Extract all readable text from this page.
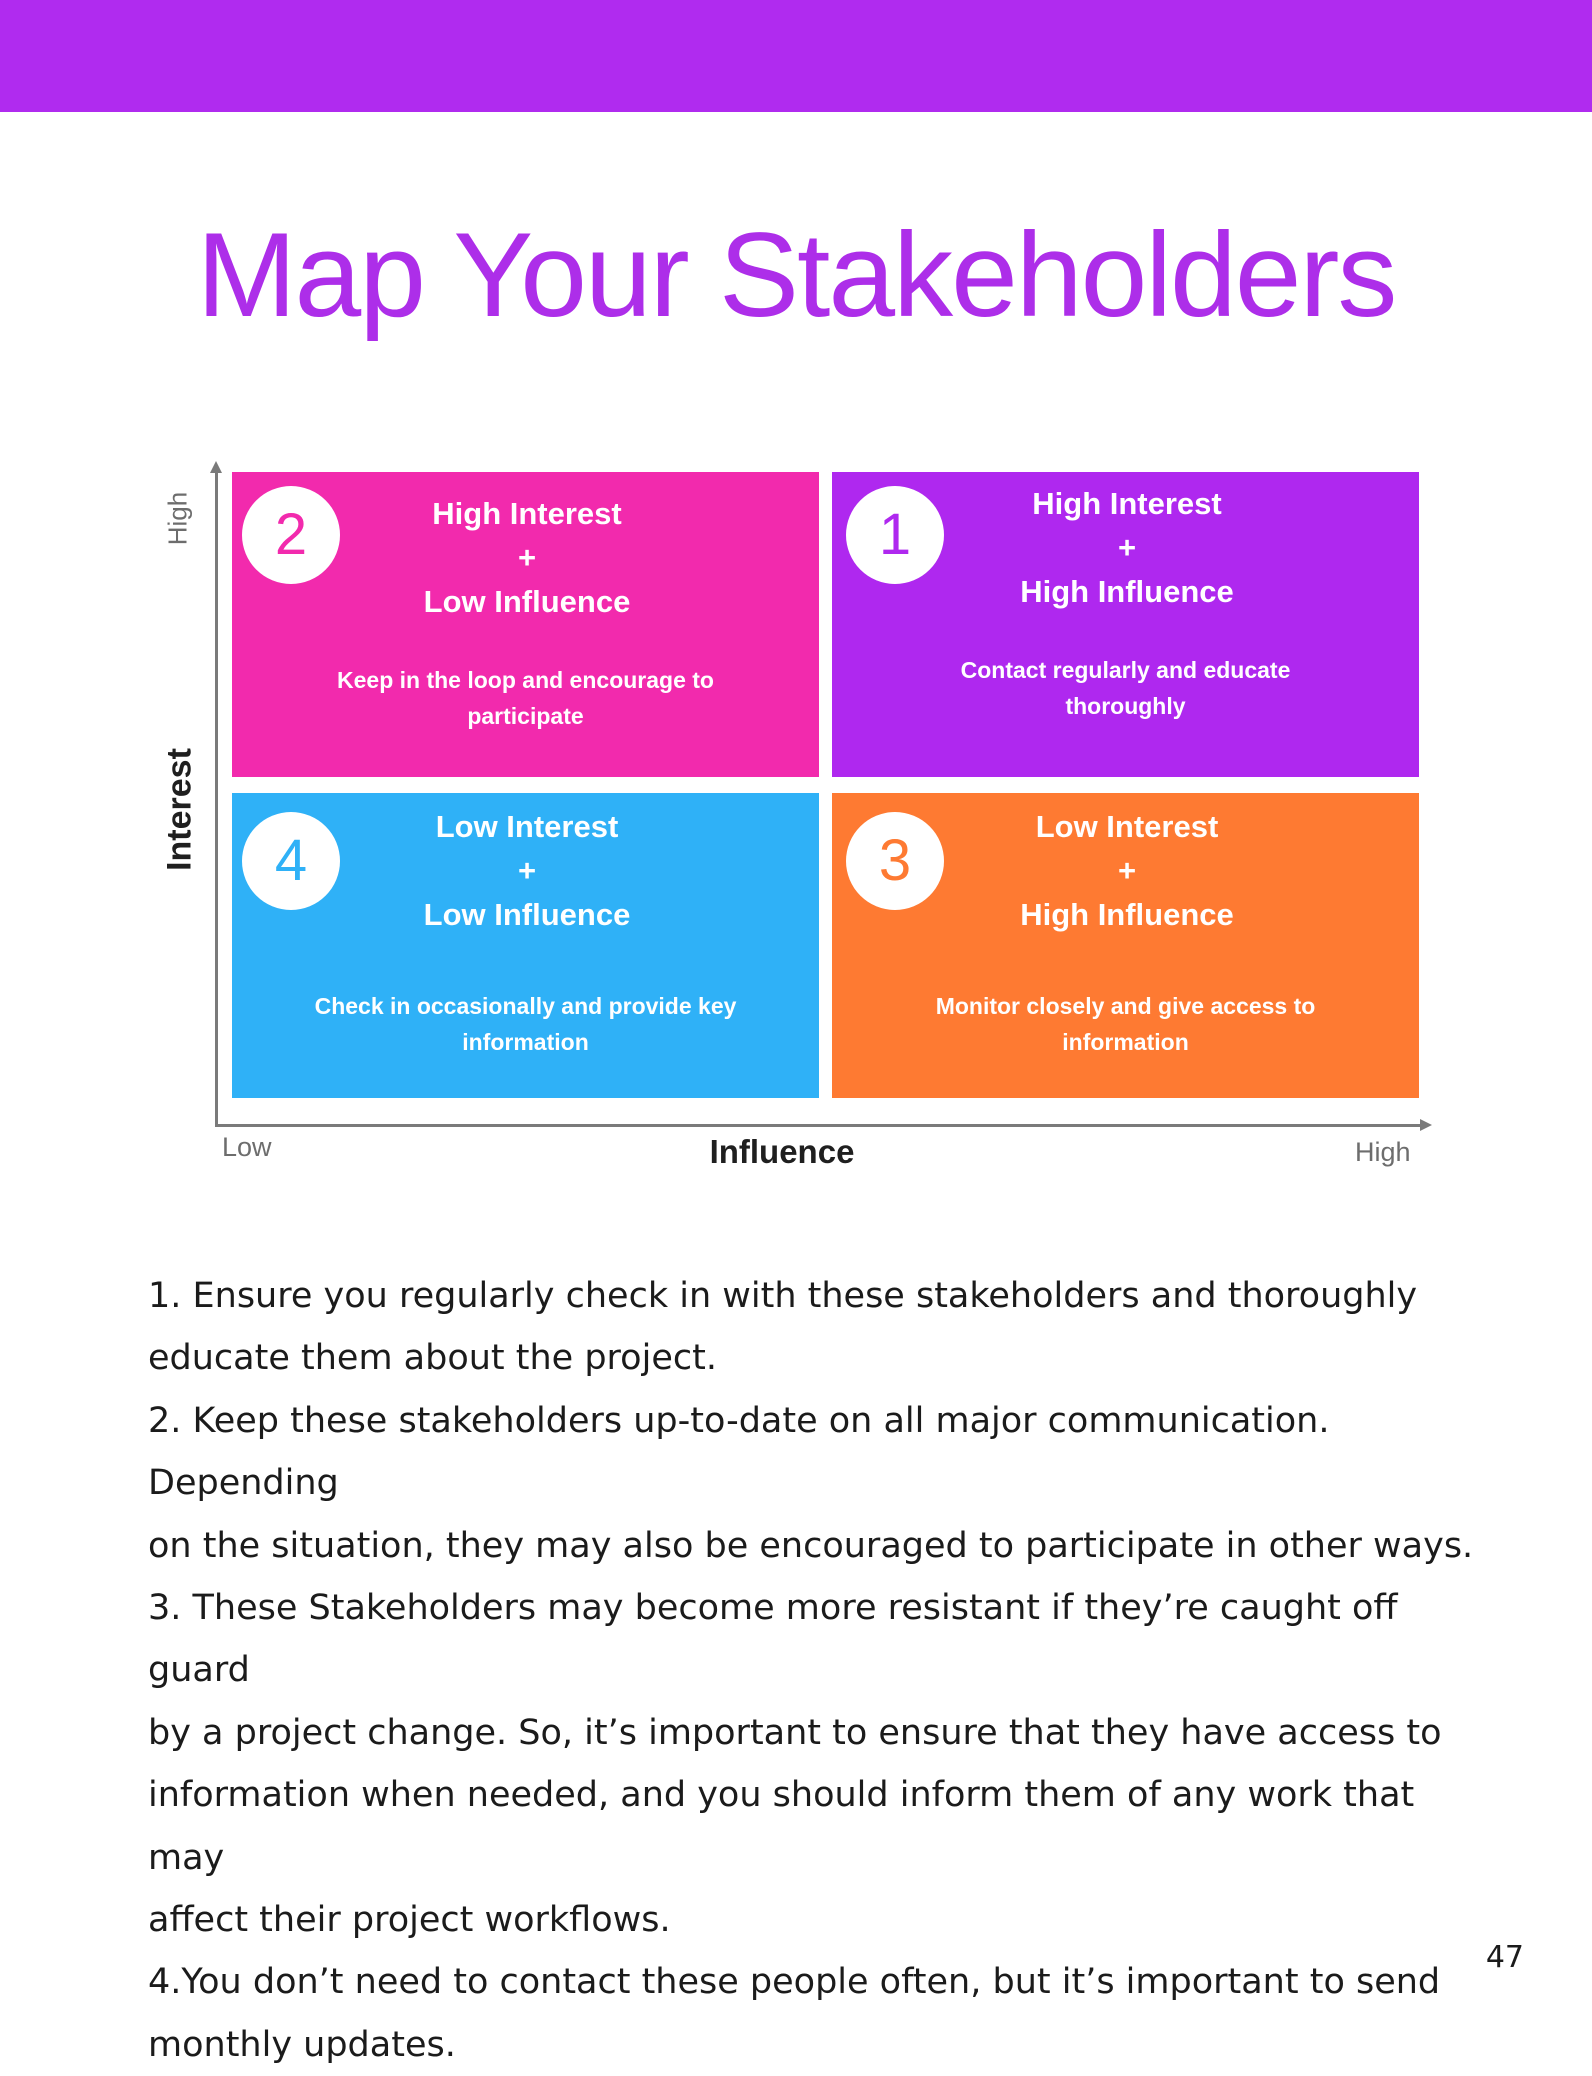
Map Your Stakeholders
High
Interest
Low	Influence	High
2	High Interest
+
Low Influence
Keep in the loop and encourage to
participate
1	High Interest
+
High Influence
Contact regularly and educate
thoroughly
4
Low Interest
+
Low Influence
Check in occasionally and provide key
information
3
Low Interest
+
High Influence
Monitor closely and give access to
information

1. Ensure you regularly check in with these stakeholders and thoroughly
educate them about the project.

2. Keep these stakeholders up-to-date on all major communication. Depending
on the situation, they may also be encouraged to participate in other ways.

3. These Stakeholders may become more resistant if they’re caught off guard
by a project change. So, it’s important to ensure that they have access to
information when needed, and you should inform them of any work that may
affect their project workflows.

4.You don’t need to contact these people often, but it’s important to send
monthly updates.

47
